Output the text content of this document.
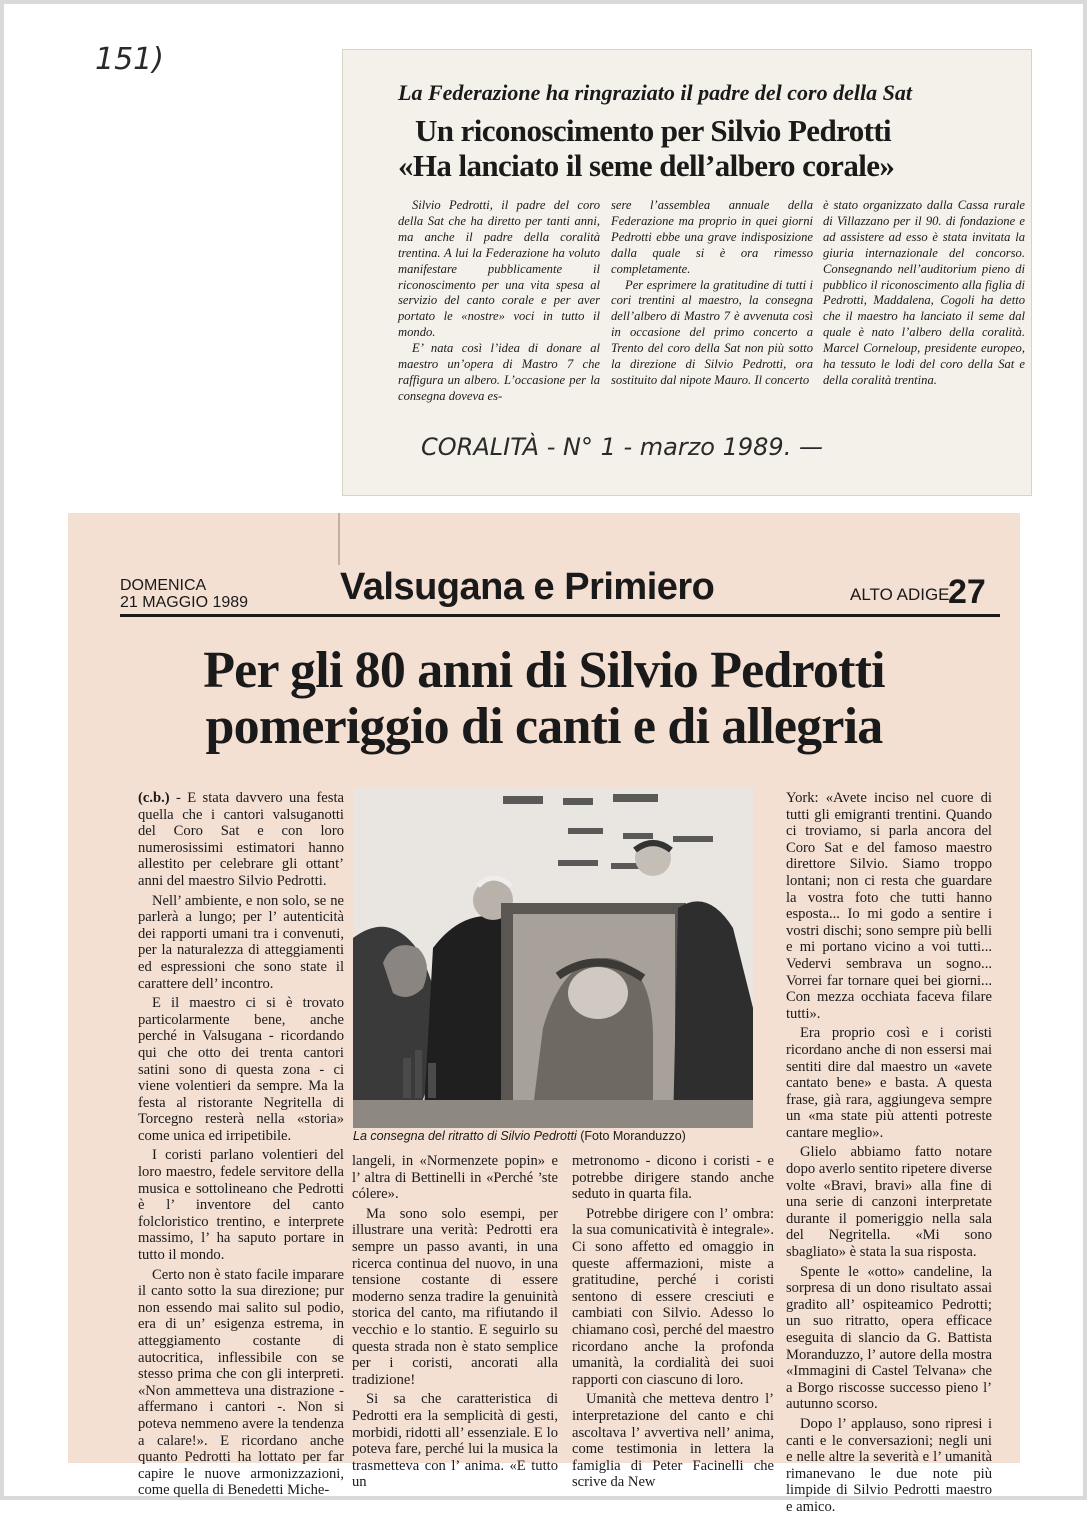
151)
La Federazione ha ringraziato il padre del coro della Sat
Un riconoscimento per Silvio Pedrotti
«Ha lanciato il seme dell’albero corale»

Silvio Pedrotti, il padre del coro della Sat che ha diretto per tanti anni, ma anche il padre della coralità trentina. A lui la Federazione ha voluto manifestare pubblicamente il riconoscimento per una vita spesa al servizio del canto corale e per aver portato le «nostre» voci in tutto il mondo.

E’ nata così l’idea di donare al maestro un’opera di Mastro 7 che raffigura un albero. L’occasione per la consegna doveva es-

sere l’assemblea annuale della Federazione ma proprio in quei giorni Pedrotti ebbe una grave indisposizione dalla quale si è ora rimesso completamente.

Per esprimere la gratitudine di tutti i cori trentini al maestro, la consegna dell’albero di Mastro 7 è avvenuta così in occasione del primo concerto a Trento del coro della Sat non più sotto la direzione di Silvio Pedrotti, ora sostituito dal nipote Mauro. Il concerto

è stato organizzato dalla Cassa rurale di Villazzano per il 90. di fondazione e ad assistere ad esso è stata invitata la giuria internazionale del concorso. Consegnando nell’auditorium pieno di pubblico il riconoscimento alla figlia di Pedrotti, Maddalena, Cogoli ha detto che il maestro ha lanciato il seme dal quale è nato l’albero della coralità. Marcel Corneloup, presidente europeo, ha tessuto le lodi del coro della Sat e della coralità trentina.

CORALITÀ - N° 1 - marzo 1989. —
DOMENICA
21 MAGGIO 1989 Valsugana e Primiero	ALTO ADIGE
27
Per gli 80 anni di Silvio Pedrotti
pomeriggio di canti e di allegria

(c.b.) - E stata davvero una festa quella che i cantori valsuganotti del Coro Sat e con loro numerosissimi estimatori hanno allestito per celebrare gli ottant’ anni del maestro Silvio Pedrotti.

Nell’ ambiente, e non solo, se ne parlerà a lungo; per l’ autenticità dei rapporti umani tra i convenuti, per la naturalezza di atteggiamenti ed espressioni che sono state il carattere dell’ incontro.

E il maestro ci si è trovato particolarmente bene, anche perché in Valsugana - ricordando qui che otto dei trenta cantori satini sono di questa zona - ci viene volentieri da sempre. Ma la festa al ristorante Negritella di Torcegno resterà nella «storia» come unica ed irripetibile.

I coristi parlano volentieri del loro maestro, fedele servitore della musica e sottolineano che Pedrotti è l’ inventore del canto folcloristico trentino, e interprete massimo, l’ ha saputo portare in tutto il mondo.

Certo non è stato facile imparare il canto sotto la sua direzione; pur non essendo mai salito sul podio, era di un’ esigenza estrema, in atteggiamento costante di autocritica, inflessibile con se stesso prima che con gli interpreti. «Non ammetteva una distrazione - affermano i cantori -. Non si poteva nemmeno avere la tendenza a calare!». E ricordano anche quanto Pedrotti ha lottato per far capire le nuove armonizzazioni, come quella di Benedetti Miche-

La consegna del ritratto di Silvio Pedrotti (Foto Moranduzzo)

langeli, in «Normenzete popin» e l’ altra di Bettinelli in «Perché ’ste cólere».

Ma sono solo esempi, per illustrare una verità: Pedrotti era sempre un passo avanti, in una ricerca continua del nuovo, in una tensione costante di essere moderno senza tradire la genuinità storica del canto, ma rifiutando il vecchio e lo stantio. E seguirlo su questa strada non è stato semplice per i coristi, ancorati alla tradizione!

Si sa che caratteristica di Pedrotti era la semplicità di gesti, morbidi, ridotti all’ essenziale. E lo poteva fare, perché lui la musica la trasmetteva con l’ anima. «E tutto un

metronomo - dicono i coristi - e potrebbe dirigere stando anche seduto in quarta fila.

Potrebbe dirigere con l’ ombra: la sua comunicatività è integrale». Ci sono affetto ed omaggio in queste affermazioni, miste a gratitudine, perché i coristi sentono di essere cresciuti e cambiati con Silvio. Adesso lo chiamano così, perché del maestro ricordano anche la profonda umanità, la cordialità dei suoi rapporti con ciascuno di loro.

Umanità che metteva dentro l’ interpretazione del canto e chi ascoltava l’ avvertiva nell’ anima, come testimonia in lettera la famiglia di Peter Facinelli che scrive da New

York: «Avete inciso nel cuore di tutti gli emigranti trentini. Quando ci troviamo, si parla ancora del Coro Sat e del famoso maestro direttore Silvio. Siamo troppo lontani; non ci resta che guardare la vostra foto che tutti hanno esposta... Io mi godo a sentire i vostri dischi; sono sempre più belli e mi portano vicino a voi tutti... Vedervi sembrava un sogno... Vorrei far tornare quei bei giorni... Con mezza occhiata faceva filare tutti».

Era proprio così e i coristi ricordano anche di non essersi mai sentiti dire dal maestro un «avete cantato bene» e basta. A questa frase, già rara, aggiungeva sempre un «ma state più attenti potreste cantare meglio».

Glielo abbiamo fatto notare dopo averlo sentito ripetere diverse volte «Bravi, bravi» alla fine di una serie di canzoni interpretate durante il pomeriggio nella sala del Negritella. «Mi sono sbagliato» è stata la sua risposta.

Spente le «otto» candeline, la sorpresa di un dono risultato assai gradito all’ ospiteamico Pedrotti; un suo ritratto, opera efficace eseguita di slancio da G. Battista Moranduzzo, l’ autore della mostra «Immagini di Castel Telvana» che a Borgo riscosse successo pieno l’ autunno scorso.

Dopo l’ applauso, sono ripresi i canti e le conversazioni; negli uni e nelle altre la severità e l’ umanità rimanevano le due note più limpide di Silvio Pedrotti maestro e amico.
